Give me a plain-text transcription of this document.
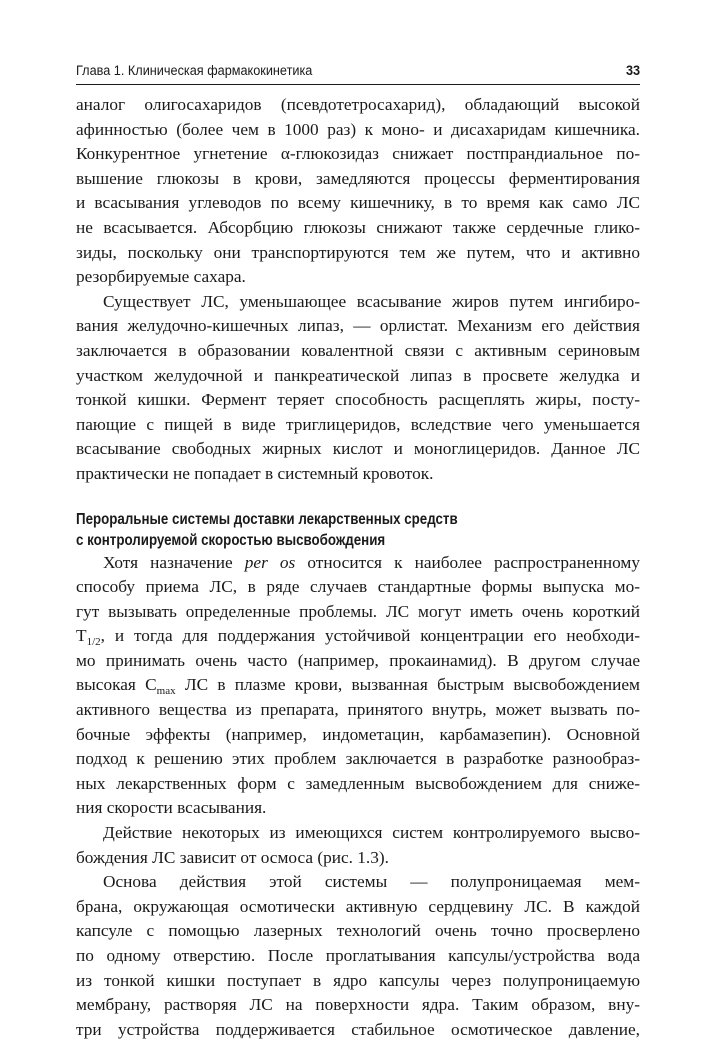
Глава 1. Клиническая фармакокинетика	33

аналог олигосахаридов (псевдотетросахарид), обладающий высокой
афинностью (более чем в 1000 раз) к моно- и дисахаридам кишечника.
Конкурентное угнетение α-глюкозидаз снижает постпрандиальное по-
вышение глюкозы в крови, замедляются процессы ферментирования
и всасывания углеводов по всему кишечнику, в то время как само ЛС
не всасывается. Абсорбцию глюкозы снижают также сердечные глико-
зиды, поскольку они транспортируются тем же путем, что и активно
резорбируемые сахара.

Существует ЛС, уменьшающее всасывание жиров путем ингибиро-
вания желудочно-кишечных липаз, — орлистат. Механизм его действия
заключается в образовании ковалентной связи с активным сериновым
участком желудочной и панкреатической липаз в просвете желудка и
тонкой кишки. Фермент теряет способность расщеплять жиры, посту-
пающие с пищей в виде триглицеридов, вследствие чего уменьшается
всасывание свободных жирных кислот и моноглицеридов. Данное ЛС
практически не попадает в системный кровоток.

Пероральные системы доставки лекарственных средств
с контролируемой скоростью высвобождения

Хотя назначение per os относится к наиболее распространенному
способу приема ЛС, в ряде случаев стандартные формы выпуска мо-
гут вызывать определенные проблемы. ЛС могут иметь очень короткий
$T_{1/2}$, и тогда для поддержания устойчивой концентрации его необходи-
мо принимать очень часто (например, прокаинамид). В другом случае
высокая $C_{max}$ ЛС в плазме крови, вызванная быстрым высвобождением
активного вещества из препарата, принятого внутрь, может вызвать по-
бочные эффекты (например, индометацин, карбамазепин). Основной
подход к решению этих проблем заключается в разработке разнообраз-
ных лекарственных форм с замедленным высвобождением для сниже-
ния скорости всасывания.

Действие некоторых из имеющихся систем контролируемого высво-
бождения ЛС зависит от осмоса (рис. 1.3).

Основа действия этой системы — полупроницаемая мем-
брана, окружающая осмотически активную сердцевину ЛС. В каждой
капсуле с помощью лазерных технологий очень точно просверлено
по одному отверстию. После проглатывания капсулы/устройства вода
из тонкой кишки поступает в ядро капсулы через полупроницаемую
мембрану, растворяя ЛС на поверхности ядра. Таким образом, вну-
три устройства поддерживается стабильное осмотическое давление,
